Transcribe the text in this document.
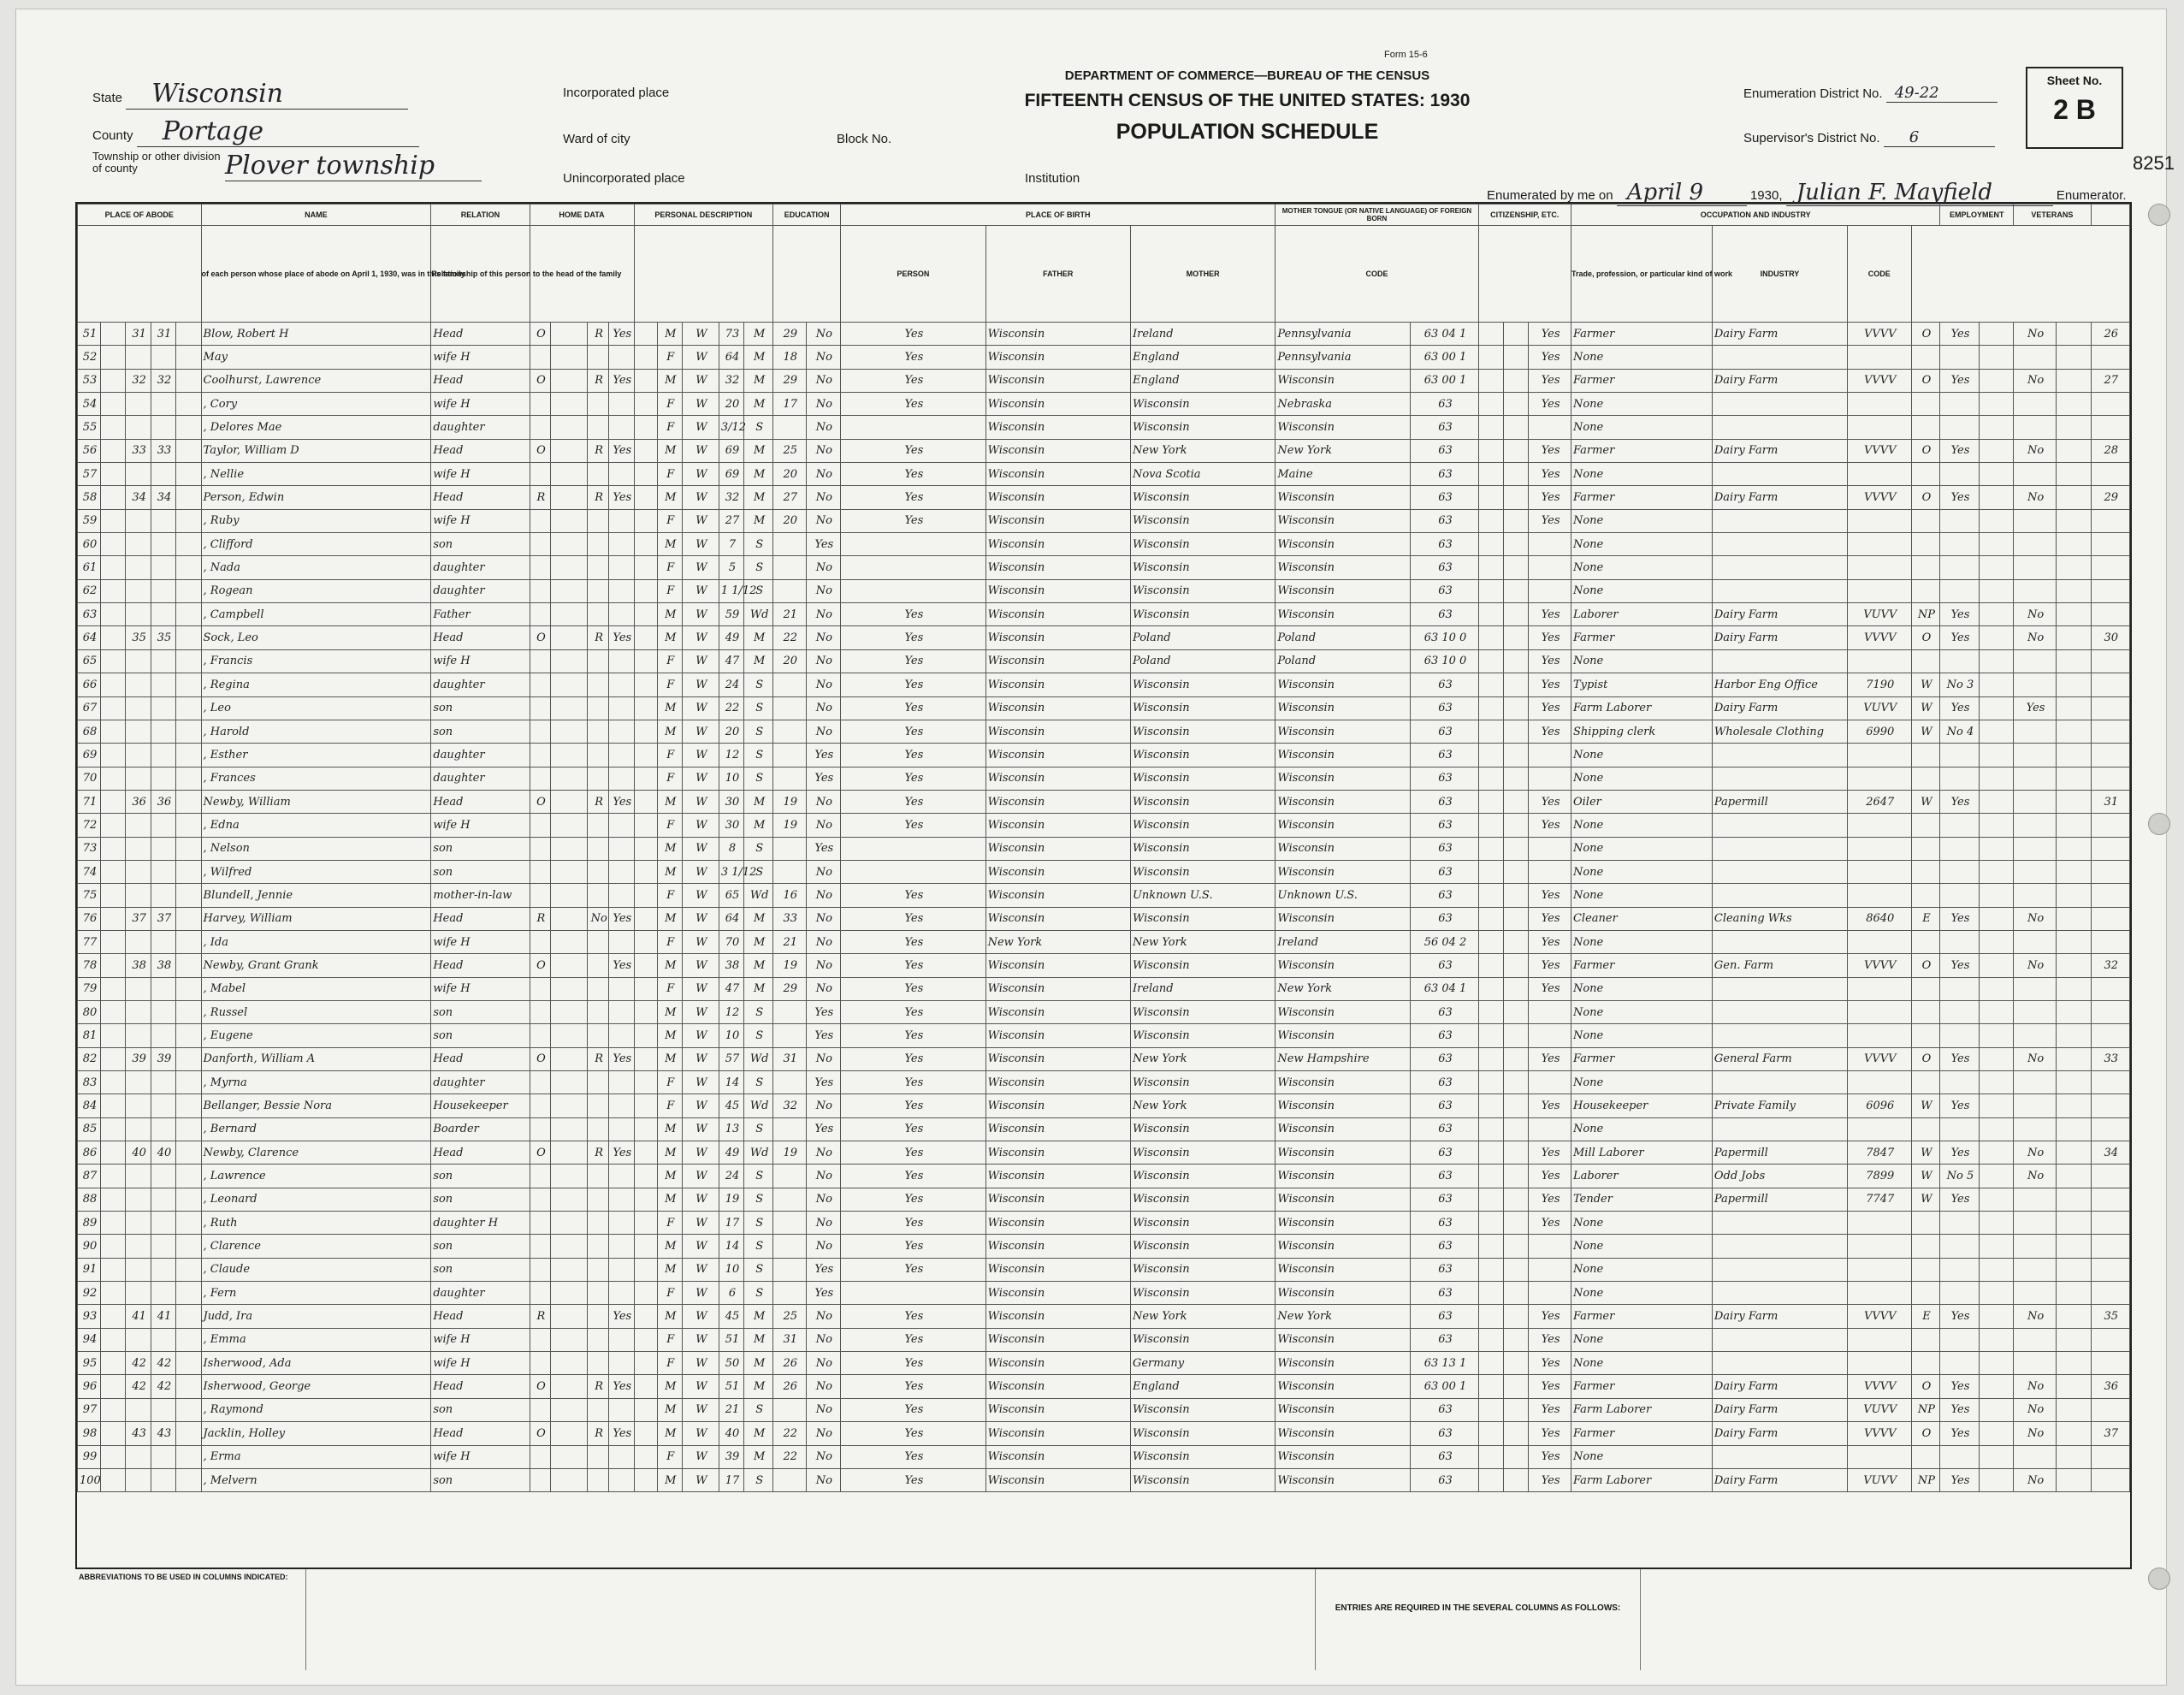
Form 15-6
DEPARTMENT OF COMMERCE—BUREAU OF THE CENSUS
FIFTEENTH CENSUS OF THE UNITED STATES: 1930
POPULATION SCHEDULE
State Wisconsin
County Portage
Township or other division of county	Plover township
Incorporated place
Ward of city	Block No.
Unincorporated place	Institution
Enumeration District No. 49-22
Supervisor's District No. 6
Sheet No.
2 B
8251
Enumerated by me on April 9	1930, Julian F. Mayfield	Enumerator.
PLACE OF ABODE					NAME	RELATION	HOME DATA				PERSONAL DESCRIPTION					EDUCATION		PLACE OF BIRTH			MOTHER TONGUE (OR NATIVE LANGUAGE) OF FOREIGN BORN		CITIZENSHIP, ETC.			OCCUPATION AND INDUSTRY				EMPLOYMENT		VETERANS		
					of each person whose place of abode on April 1, 1930, was in this family	Relationship of this person to the head of the family												PERSON	FATHER	MOTHER	CODE					Trade, profession, or particular kind of work	INDUSTRY	CODE						
51		31	31		Blow, Robert H	Head	O		R	Yes		M	W	73	M	29	No	Yes	Wisconsin	Ireland	Pennsylvania	63 04 1			Yes	Farmer	Dairy Farm	VVVV	O	Yes		No		26
52					May	wife H						F	W	64	M	18	No	Yes	Wisconsin	England	Pennsylvania	63 00 1			Yes	None								
53		32	32		Coolhurst, Lawrence	Head	O		R	Yes		M	W	32	M	29	No	Yes	Wisconsin	England	Wisconsin	63 00 1			Yes	Farmer	Dairy Farm	VVVV	O	Yes		No		27
54					, Cory	wife H						F	W	20	M	17	No	Yes	Wisconsin	Wisconsin	Nebraska	63			Yes	None								
55					, Delores Mae	daughter						F	W	3/12	S		No		Wisconsin	Wisconsin	Wisconsin	63				None								
56		33	33		Taylor, William D	Head	O		R	Yes		M	W	69	M	25	No	Yes	Wisconsin	New York	New York	63			Yes	Farmer	Dairy Farm	VVVV	O	Yes		No		28
57					, Nellie	wife H						F	W	69	M	20	No	Yes	Wisconsin	Nova Scotia	Maine	63			Yes	None								
58		34	34		Person, Edwin	Head	R		R	Yes		M	W	32	M	27	No	Yes	Wisconsin	Wisconsin	Wisconsin	63			Yes	Farmer	Dairy Farm	VVVV	O	Yes		No		29
59					, Ruby	wife H						F	W	27	M	20	No	Yes	Wisconsin	Wisconsin	Wisconsin	63			Yes	None								
60					, Clifford	son						M	W	7	S		Yes		Wisconsin	Wisconsin	Wisconsin	63				None								
61					, Nada	daughter						F	W	5	S		No		Wisconsin	Wisconsin	Wisconsin	63				None								
62					, Rogean	daughter						F	W	1 1/12	S		No		Wisconsin	Wisconsin	Wisconsin	63				None								
63					, Campbell	Father						M	W	59	Wd	21	No	Yes	Wisconsin	Wisconsin	Wisconsin	63			Yes	Laborer	Dairy Farm	VUVV	NP	Yes		No		
64		35	35		Sock, Leo	Head	O		R	Yes		M	W	49	M	22	No	Yes	Wisconsin	Poland	Poland	63 10 0			Yes	Farmer	Dairy Farm	VVVV	O	Yes		No		30
65					, Francis	wife H						F	W	47	M	20	No	Yes	Wisconsin	Poland	Poland	63 10 0			Yes	None								
66					, Regina	daughter						F	W	24	S		No	Yes	Wisconsin	Wisconsin	Wisconsin	63			Yes	Typist	Harbor Eng Office	7190	W	No 3				
67					, Leo	son						M	W	22	S		No	Yes	Wisconsin	Wisconsin	Wisconsin	63			Yes	Farm Laborer	Dairy Farm	VUVV	W	Yes		Yes		
68					, Harold	son						M	W	20	S		No	Yes	Wisconsin	Wisconsin	Wisconsin	63			Yes	Shipping clerk	Wholesale Clothing	6990	W	No 4				
69					, Esther	daughter						F	W	12	S		Yes	Yes	Wisconsin	Wisconsin	Wisconsin	63				None								
70					, Frances	daughter						F	W	10	S		Yes	Yes	Wisconsin	Wisconsin	Wisconsin	63				None								
71		36	36		Newby, William	Head	O		R	Yes		M	W	30	M	19	No	Yes	Wisconsin	Wisconsin	Wisconsin	63			Yes	Oiler	Papermill	2647	W	Yes				31
72					, Edna	wife H						F	W	30	M	19	No	Yes	Wisconsin	Wisconsin	Wisconsin	63			Yes	None								
73					, Nelson	son						M	W	8	S		Yes		Wisconsin	Wisconsin	Wisconsin	63				None								
74					, Wilfred	son						M	W	3 1/12	S		No		Wisconsin	Wisconsin	Wisconsin	63				None								
75					Blundell, Jennie	mother-in-law						F	W	65	Wd	16	No	Yes	Wisconsin	Unknown U.S.	Unknown U.S.	63			Yes	None								
76		37	37		Harvey, William	Head	R		No	Yes		M	W	64	M	33	No	Yes	Wisconsin	Wisconsin	Wisconsin	63			Yes	Cleaner	Cleaning Wks	8640	E	Yes		No		
77					, Ida	wife H						F	W	70	M	21	No	Yes	New York	New York	Ireland	56 04 2			Yes	None								
78		38	38		Newby, Grant Grank	Head	O			Yes		M	W	38	M	19	No	Yes	Wisconsin	Wisconsin	Wisconsin	63			Yes	Farmer	Gen. Farm	VVVV	O	Yes		No		32
79					, Mabel	wife H						F	W	47	M	29	No	Yes	Wisconsin	Ireland	New York	63 04 1			Yes	None								
80					, Russel	son						M	W	12	S		Yes	Yes	Wisconsin	Wisconsin	Wisconsin	63				None								
81					, Eugene	son						M	W	10	S		Yes	Yes	Wisconsin	Wisconsin	Wisconsin	63				None								
82		39	39		Danforth, William A	Head	O		R	Yes		M	W	57	Wd	31	No	Yes	Wisconsin	New York	New Hampshire	63			Yes	Farmer	General Farm	VVVV	O	Yes		No		33
83					, Myrna	daughter						F	W	14	S		Yes	Yes	Wisconsin	Wisconsin	Wisconsin	63				None								
84					Bellanger, Bessie Nora	Housekeeper						F	W	45	Wd	32	No	Yes	Wisconsin	New York	Wisconsin	63			Yes	Housekeeper	Private Family	6096	W	Yes				
85					, Bernard	Boarder						M	W	13	S		Yes	Yes	Wisconsin	Wisconsin	Wisconsin	63				None								
86		40	40		Newby, Clarence	Head	O		R	Yes		M	W	49	Wd	19	No	Yes	Wisconsin	Wisconsin	Wisconsin	63			Yes	Mill Laborer	Papermill	7847	W	Yes		No		34
87					, Lawrence	son						M	W	24	S		No	Yes	Wisconsin	Wisconsin	Wisconsin	63			Yes	Laborer	Odd Jobs	7899	W	No 5		No		
88					, Leonard	son						M	W	19	S		No	Yes	Wisconsin	Wisconsin	Wisconsin	63			Yes	Tender	Papermill	7747	W	Yes				
89					, Ruth	daughter H						F	W	17	S		No	Yes	Wisconsin	Wisconsin	Wisconsin	63			Yes	None								
90					, Clarence	son						M	W	14	S		No	Yes	Wisconsin	Wisconsin	Wisconsin	63				None								
91					, Claude	son						M	W	10	S		Yes	Yes	Wisconsin	Wisconsin	Wisconsin	63				None								
92					, Fern	daughter						F	W	6	S		Yes		Wisconsin	Wisconsin	Wisconsin	63				None								
93		41	41		Judd, Ira	Head	R			Yes		M	W	45	M	25	No	Yes	Wisconsin	New York	New York	63			Yes	Farmer	Dairy Farm	VVVV	E	Yes		No		35
94					, Emma	wife H						F	W	51	M	31	No	Yes	Wisconsin	Wisconsin	Wisconsin	63			Yes	None								
95		42	42		Isherwood, Ada	wife H						F	W	50	M	26	No	Yes	Wisconsin	Germany	Wisconsin	63 13 1			Yes	None								
96		42	42		Isherwood, George	Head	O		R	Yes		M	W	51	M	26	No	Yes	Wisconsin	England	Wisconsin	63 00 1			Yes	Farmer	Dairy Farm	VVVV	O	Yes		No		36
97					, Raymond	son						M	W	21	S		No	Yes	Wisconsin	Wisconsin	Wisconsin	63			Yes	Farm Laborer	Dairy Farm	VUVV	NP	Yes		No		
98		43	43		Jacklin, Holley	Head	O		R	Yes		M	W	40	M	22	No	Yes	Wisconsin	Wisconsin	Wisconsin	63			Yes	Farmer	Dairy Farm	VVVV	O	Yes		No		37
99					, Erma	wife H						F	W	39	M	22	No	Yes	Wisconsin	Wisconsin	Wisconsin	63			Yes	None								
100					, Melvern	son						M	W	17	S		No	Yes	Wisconsin	Wisconsin	Wisconsin	63			Yes	Farm Laborer	Dairy Farm	VUVV	NP	Yes		No		
ABBREVIATIONS TO BE USED IN COLUMNS INDICATED:
ENTRIES ARE REQUIRED IN THE SEVERAL COLUMNS AS FOLLOWS:
